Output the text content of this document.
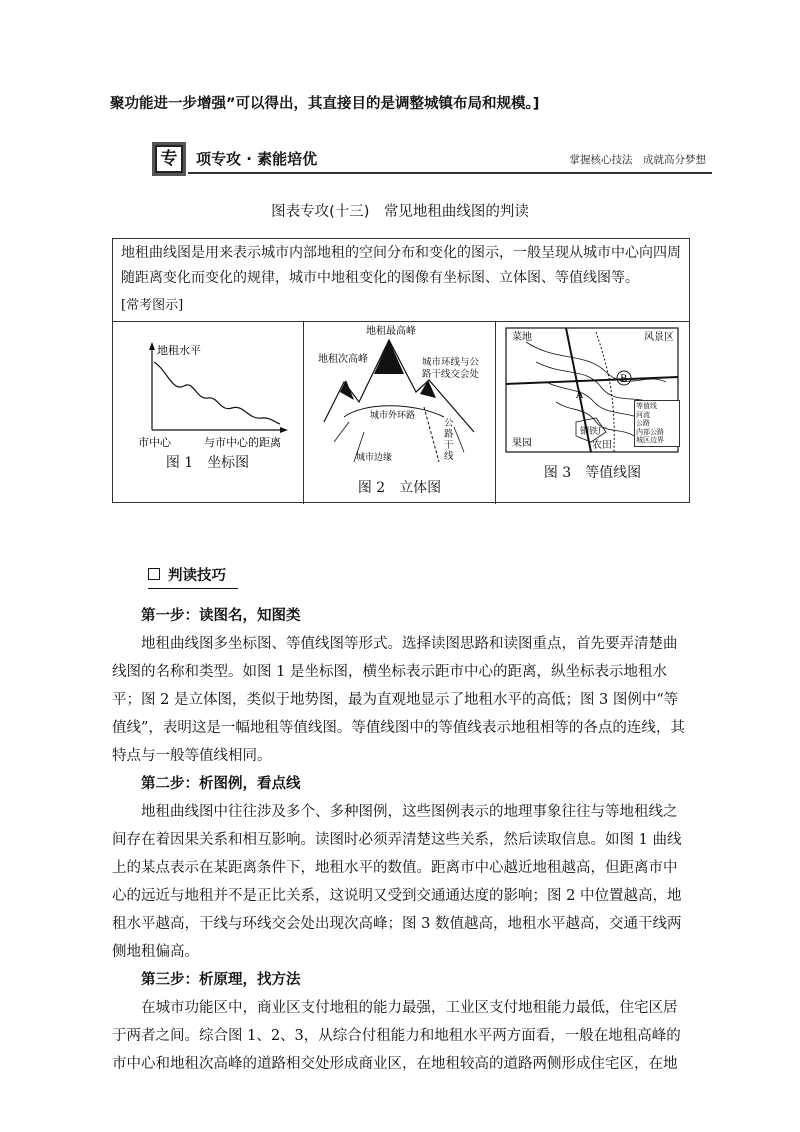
聚功能进一步增强”可以得出，其直接目的是调整城镇布局和规模。]
专	项专攻 · 素能培优	掌握核心技法　成就高分梦想
图表专攻(十三)　常见地租曲线图的判读

地租曲线图是用来表示城市内部地租的空间分布和变化的图示，一般呈现从城市中心向四周随距离变化而变化的规律，城市中地租变化的图像有坐标图、立体图、等值线图等。

[常考图示]
地租水平
市中心	与市中心的距离
图 1　坐标图
地租最高峰
地租次高峰
城市外环路
城市边缘
城市环线与公路干线交会处
公路干线
图 2　立体图
菜地	风景区
果园	农田
钢铁厂
A
B
等值线
河流
公路
内部公路
城区边界
图 3　等值线图
判读技巧

第一步：读图名，知图类

地租曲线图多坐标图、等值线图等形式。选择读图思路和读图重点，首先要弄清楚曲线图的名称和类型。如图 1 是坐标图，横坐标表示距市中心的距离，纵坐标表示地租水平；图 2 是立体图，类似于地势图，最为直观地显示了地租水平的高低；图 3 图例中“等值线”，表明这是一幅地租等值线图。等值线图中的等值线表示地租相等的各点的连线，其特点与一般等值线相同。

第二步：析图例，看点线

地租曲线图中往往涉及多个、多种图例，这些图例表示的地理事象往往与等地租线之间存在着因果关系和相互影响。读图时必须弄清楚这些关系，然后读取信息。如图 1 曲线上的某点表示在某距离条件下，地租水平的数值。距离市中心越近地租越高，但距离市中心的远近与地租并不是正比关系，这说明又受到交通通达度的影响；图 2 中位置越高，地租水平越高，干线与环线交会处出现次高峰；图 3 数值越高，地租水平越高，交通干线两侧地租偏高。

第三步：析原理，找方法

在城市功能区中，商业区支付地租的能力最强，工业区支付地租能力最低，住宅区居于两者之间。综合图 1、2、3，从综合付租能力和地租水平两方面看，一般在地租高峰的市中心和地租次高峰的道路相交处形成商业区，在地租较高的道路两侧形成住宅区，在地
